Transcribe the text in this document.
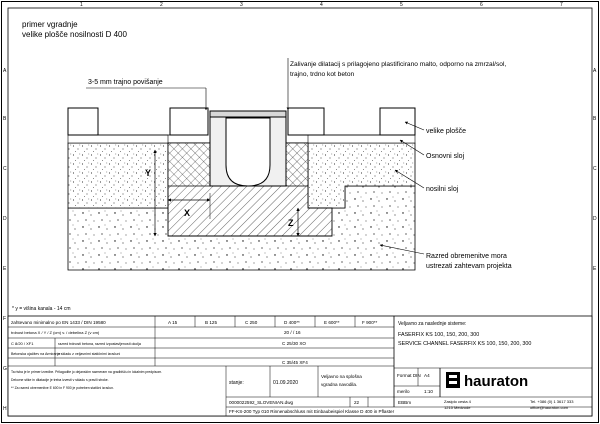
1	2	3	4	5	6	7
A
B
C
D
E
F
G
H
A
B
C
D
E
primer vgradnje
velike plošče nosilnosti D 400
Y
X
Z
3-5 mm trajno povišanje
Zalivanje dilatacij s prilagojeno plastificirano malto, odporno na zmrzal/sol,
trajno, trdno kot beton
velike plošče
Osnovni sloj
nosilni sloj
Razred obremenitve mora
ustrezati zahtevam projekta
* y = višina kanala - 14 cm
zahtevano minimalno po EN 1433 / DIN 19580	A 15	B 125	C 250	D 400**	E 600**	F 900**
trdnost betona X / Y / Z (cm) v. / debelina Z (v cm)	20 / / 16
C 8/20 / XF1	razred trdnosti betona, razred izpostavljenosti okolja	C 25/30 XO
Betonska ojačitev na Armiranje
v skladu z veljavnimi statičnimi izračuni
C 35/45 XF4
Ta risba je le primer izvedbe. Prilagodite jo dejanskim razmeram na gradbišču in lokalnim predpisom.
Delovne stike in dilatacije je treba izvesti v skladu s pravili stroke.
** Za razred obremenitve E 600 in F 900 je potreben statični izračun.
Veljavno za naslednje sisteme:
FASERFIX KS 100, 150, 200, 300
SERVICE CHANNEL FASERFIX KS 100, 150, 200, 300
stanje:	01.09.2020
Veljavno na splošna
vgradna navodila.
Format DIN A4
merilo	1:10
0000022592_SLOVENIAN.dwg	22	EBBm
FF-KS-200 Typ 010 Rinnenabschluss mit Einbaubeispiel Klasse D 400 in Pflaster
hauraton
Zasiplo cesta 4
1215 Medvode
Tel. +386 (0) 1 3617 333
office@hauraton.com
